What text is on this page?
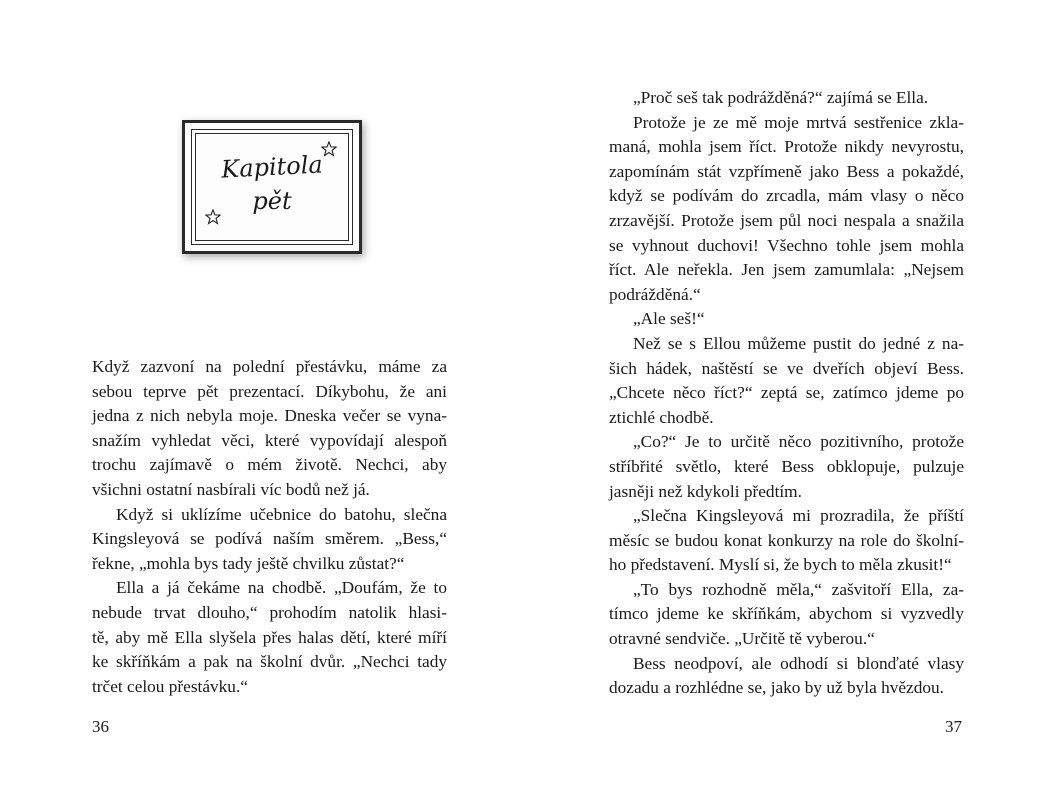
Kapitola
pět
Když zazvoní na polední přestávku, máme za
sebou teprve pět prezentací. Díkybohu, že ani
jedna z nich nebyla moje. Dneska večer se vyna-
snažím vyhledat věci, které vypovídají alespoň
trochu zajímavě o mém životě. Nechci, aby
všichni ostatní nasbírali víc bodů než já.
Když si uklízíme učebnice do batohu, slečna
Kingsleyová se podívá naším směrem. „Bess,“
řekne, „mohla bys tady ještě chvilku zůstat?“
Ella a já čekáme na chodbě. „Doufám, že to
nebude trvat dlouho,“ prohodím natolik hlasi-
tě, aby mě Ella slyšela přes halas dětí, které míří
ke skříňkám a pak na školní dvůr. „Nechci tady
trčet celou přestávku.“
36
„Proč seš tak podrážděná?“ zajímá se Ella.
Protože je ze mě moje mrtvá sestřenice zkla-
maná, mohla jsem říct. Protože nikdy nevyrostu,
zapomínám stát vzpřímeně jako Bess a pokaždé,
když se podívám do zrcadla, mám vlasy o něco
zrzavější. Protože jsem půl noci nespala a snažila
se vyhnout duchovi! Všechno tohle jsem mohla
říct. Ale neřekla. Jen jsem zamumlala: „Nejsem
podrážděná.“
„Ale seš!“
Než se s Ellou můžeme pustit do jedné z na-
šich hádek, naštěstí se ve dveřích objeví Bess.
„Chcete něco říct?“ zeptá se, zatímco jdeme po
ztichlé chodbě.
„Co?“ Je to určitě něco pozitivního, protože
stříbřité světlo, které Bess obklopuje, pulzuje
jasněji než kdykoli předtím.
„Slečna Kingsleyová mi prozradila, že příští
měsíc se budou konat konkurzy na role do školní-
ho představení. Myslí si, že bych to měla zkusit!“
„To bys rozhodně měla,“ zašvitoří Ella, za-
tímco jdeme ke skříňkám, abychom si vyzvedly
otravné sendviče. „Určitě tě vyberou.“
Bess neodpoví, ale odhodí si blonďaté vlasy
dozadu a rozhlédne se, jako by už byla hvězdou.
37
